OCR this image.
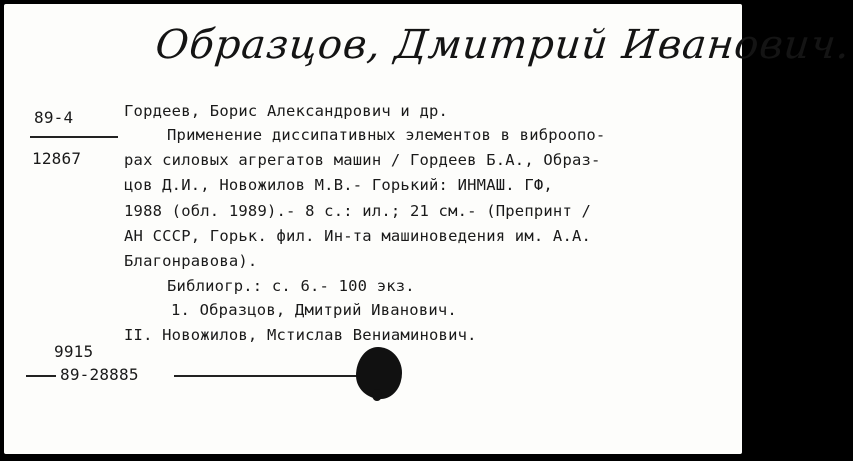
Образцов, Дмитрий Иванович.
89-4
12867
Гордеев, Борис Александрович и др.
Применение диссипативных элементов в виброопо-
рах силовых агрегатов машин / Гордеев Б.А., Образ-
цов Д.И., Новожилов М.В.- Горький: ИНМАШ. ГФ,
1988 (обл. 1989).- 8 с.: ил.; 21 см.- (Препринт /
АН СССР, Горьк. фил. Ин-та машиноведения им. А.А.
Благонравова).
Библиогр.: с. 6.- 100 экз.
1. Образцов, Дмитрий Иванович.
II. Новожилов, Мстислав Вениаминович.
9915
89-28885
